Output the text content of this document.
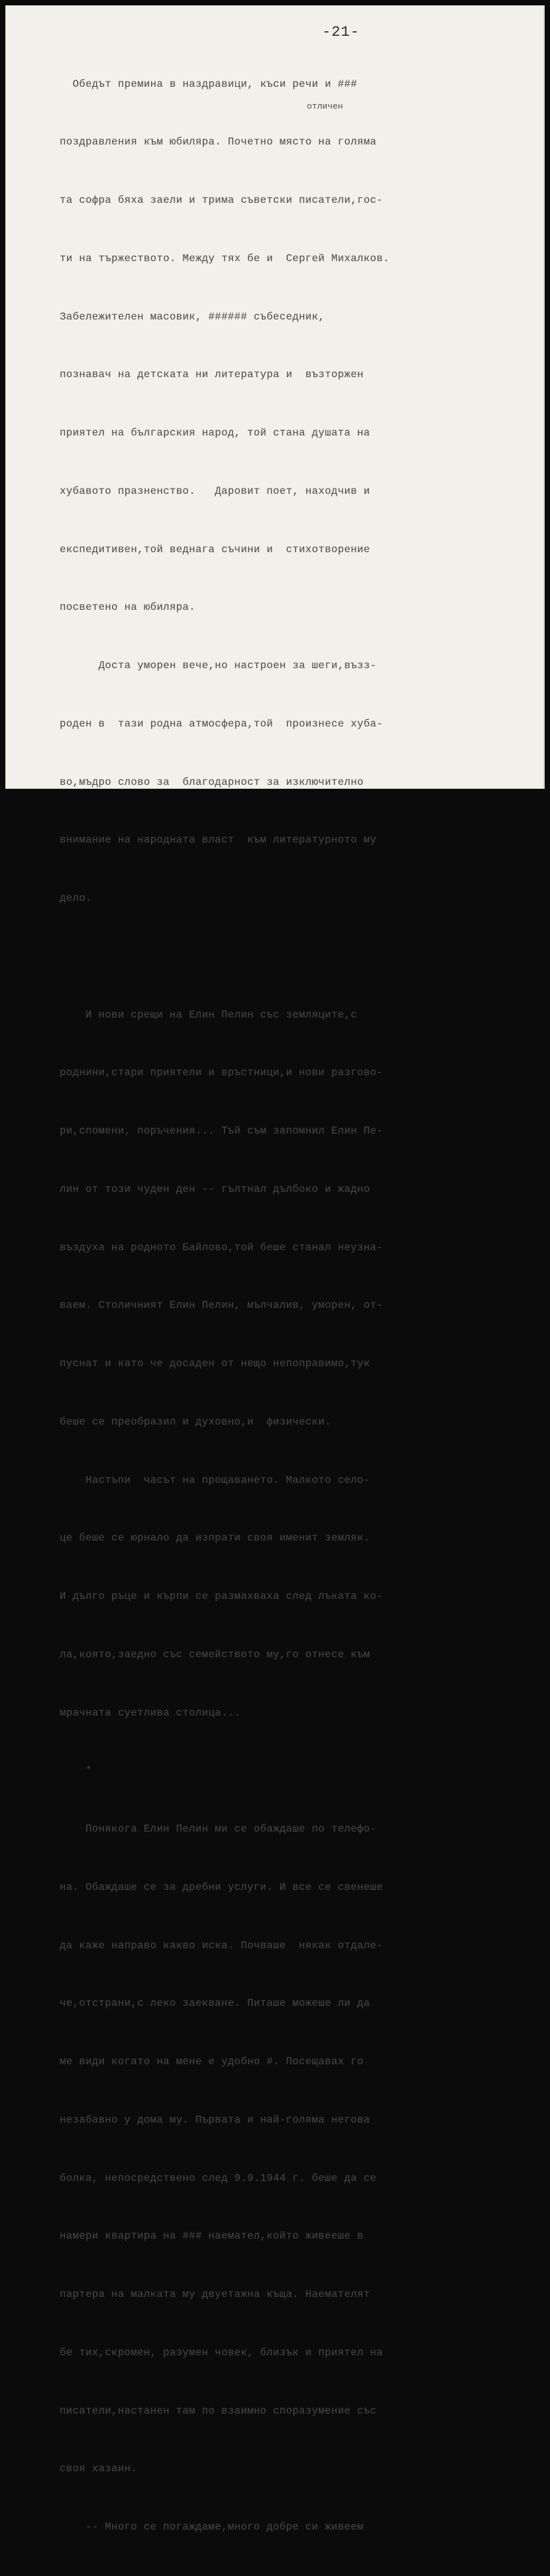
-21-
отличен

Обедът премина в наздравици, къси речи и ###

поздравления към юбиляра. Почетно място на голяма

та софра бяха заели и трима съветски писатели,гос-

ти на тържеството. Между тях бе и  Сергей Михалков.

Забележителен масовик, ###### събеседник,

познавач на детската ни литература и  възторжен

приятел на българския народ, той стана душата на

хубавото празненство.   Даровит поет, находчив и

експедитивен,той веднага съчини и  стихотворение

посветено на юбиляра.

Доста уморен вече,но настроен за шеги,възз-

роден в  тази родна атмосфера,той  произнесе хуба-

во,мъдро слово за  благодарност за изключително

внимание на народната власт  към литературното му

дело.

И нови срещи на Елин Пелин със земляците,с

роднини,стари приятели и връстници,и нови разгово-

ри,спомени, поръчения... Тъй съм запомнил Елин Пе-

лин от този чуден ден -- гълтнал дълбоко и жадно

въздуха на родното Байлово,той беше станал неузна-

ваем. Столичният Елин Пелин, мълчалив, уморен, от-

пуснат и като че досаден от нещо непоправимо,тук

беше се преобразил и духовно,и  физически.

Настъпи  часът на прощаването. Малкото село-

це беше се юрнало да изпрати своя именит земляк.

И дълго ръце и кърпи се размахваха след лъката ко-

ла,която,заедно със семейството му,го отнесе към

мрачната суетлива столица...

*

Понякога Елин Пелин ми се обаждаше по телефо-

на. Обаждаше се за дребни услуги. И все се свенеше

да каже направо какво иска. Почваше  някак отдале-

че,отстрани,с леко заекване. Питаше можеше ли да

ме види когато на мене е удобно #. Посещавах го

незабавно у дома му. Първата и най-голяма негова

болка, непосредствено след 9.9.1944 г. беше да се

намери квартира на ### наемател,който живееше в

партера на малката му двуетажна къща. Наемателят

бе тих,скромен, разумен човек, близък и приятел на

писатели,настанен там по взаимно споразумение със

своя хазаин.

-- Много се погаждаме,много добре си живеем
